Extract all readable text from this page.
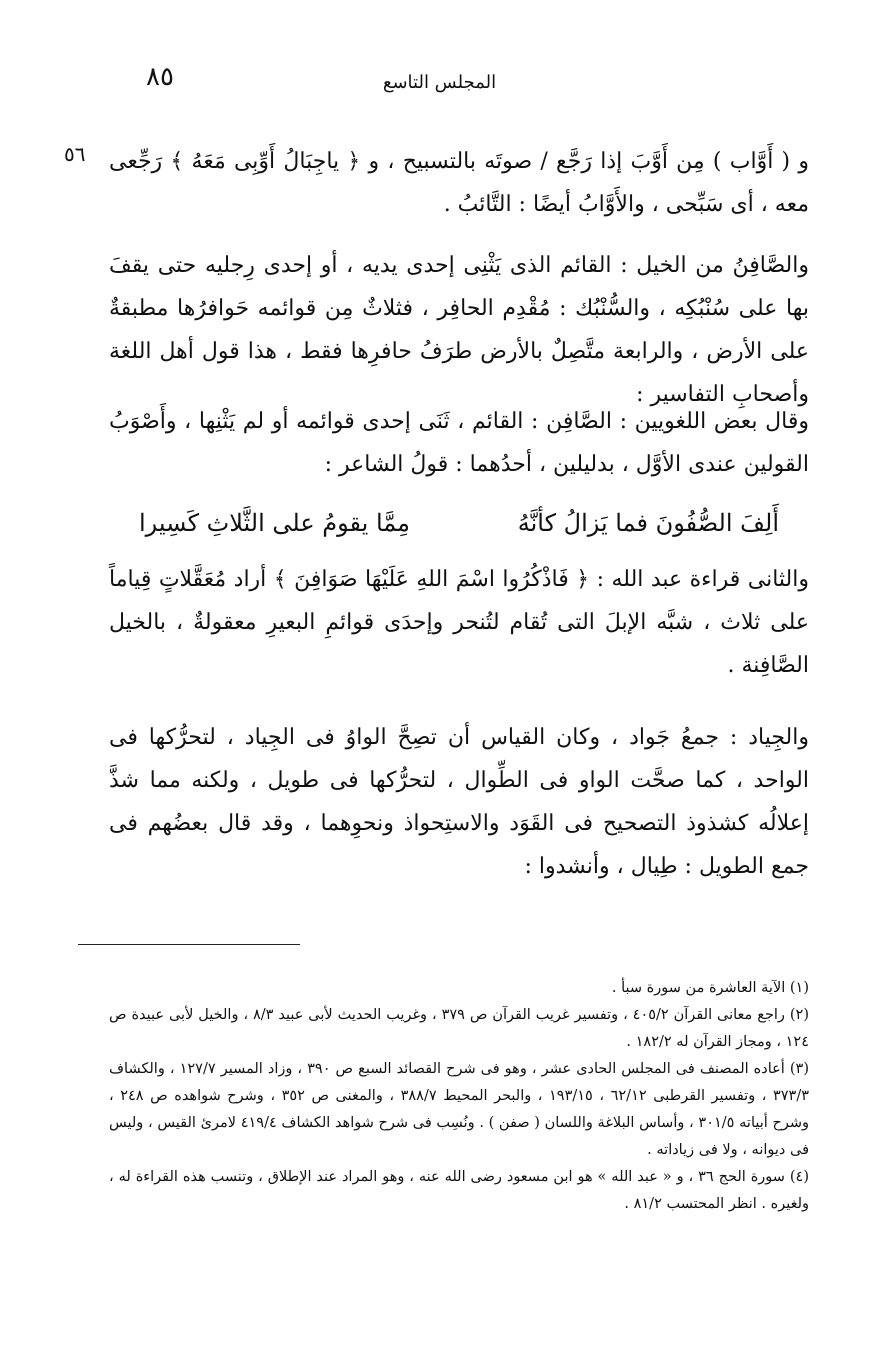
٨٥	المجلس التاسع
٥٦ و ( أَوَّاب ) مِن أَوَّبَ إذا رَجَّع / صوتَه بالتسبيح ، و ﴿ ياجِبَالُ أَوِّبِى مَعَهُ ﴾ رَجِّعى معه ، أى سَبِّحى ، والأَوَّابُ أيضًا : التَّائبُ .

والصَّافِنُ من الخيل : القائم الذى يَثْنِى إحدى يديه ، أو إحدى رِجليه حتى يقفَ بها على سُنْبُكِه ، والسُّنْبُك : مُقْدِم الحافِر ، فثلاثٌ مِن قوائمه حَوافرُها مطبقةٌ على الأرض ، والرابعة متَّصِلٌ بالأرض طرَفُ حافرِها فقط ، هذا قول أهل اللغة وأصحابِ التفاسير :

وقال بعض اللغويين : الصَّافِن : القائم ، ثَنَى إحدى قوائمه أو لم يَثْنِها ، وأَصْوَبُ القولين عندى الأوَّل ، بدليلين ، أحدُهما : قولُ الشاعر :

أَلِفَ الصُّفُونَ فما يَزالُ كأنَّهُ
مِمَّا يقومُ على الثَّلاثِ كَسِيرا

والثانى قراءة عبد الله : ﴿ فَاذْكُرُوا اسْمَ اللهِ عَلَيْهَا صَوَافِنَ ﴾ أراد مُعَقَّلاتٍ قِياماً على ثلاث ، شبَّه الإبلَ التى تُقام لتُنحر وإحدَى قوائمِ البعيرِ معقولةٌ ، بالخيل الصَّافِنة .

والجِياد : جمعُ جَواد ، وكان القياس أن تصِحَّ الواوُ فى الجِياد ، لتحرُّكها فى الواحد ، كما صحَّت الواو فى الطِّوال ، لتحرُّكها فى طويل ، ولكنه مما شذَّ إعلالُه كشذوذ التصحيح فى القَوَد والاستِحواذ ونحوِهما ، وقد قال بعضُهم فى جمع الطويل : طِيال ، وأنشدوا :

(١) الآية العاشرة من سورة سبأ .

(٢) راجع معانى القرآن ٤٠٥/٢ ، وتفسير غريب القرآن ص ٣٧٩ ، وغريب الحديث لأبى عبيد ٨/٣ ، والخيل لأبى عبيدة ص ١٢٤ ، ومجاز القرآن له ١٨٢/٢ .

(٣) أعاده المصنف فى المجلس الحادى عشر ، وهو فى شرح القصائد السبع ص ٣٩٠ ، وزاد المسير ١٢٧/٧ ، والكشاف ٣٧٣/٣ ، وتفسير القرطبى ٦٢/١٢ ، ١٩٣/١٥ ، والبحر المحيط ٣٨٨/٧ ، والمغنى ص ٣٥٢ ، وشرح شواهده ص ٢٤٨ ، وشرح أبياته ٣٠١/٥ ، وأساس البلاغة واللسان ( صفن ) . ونُسِب فى شرح شواهد الكشاف ٤١٩/٤ لامرئ القيس ، وليس فى ديوانه ، ولا فى زياداته .

(٤) سورة الحج ٣٦ ، و « عبد الله » هو ابن مسعود رضى الله عنه ، وهو المراد عند الإطلاق ، وتنسب هذه القراءة له ، ولغيره . انظر المحتسب ٨١/٢ .
